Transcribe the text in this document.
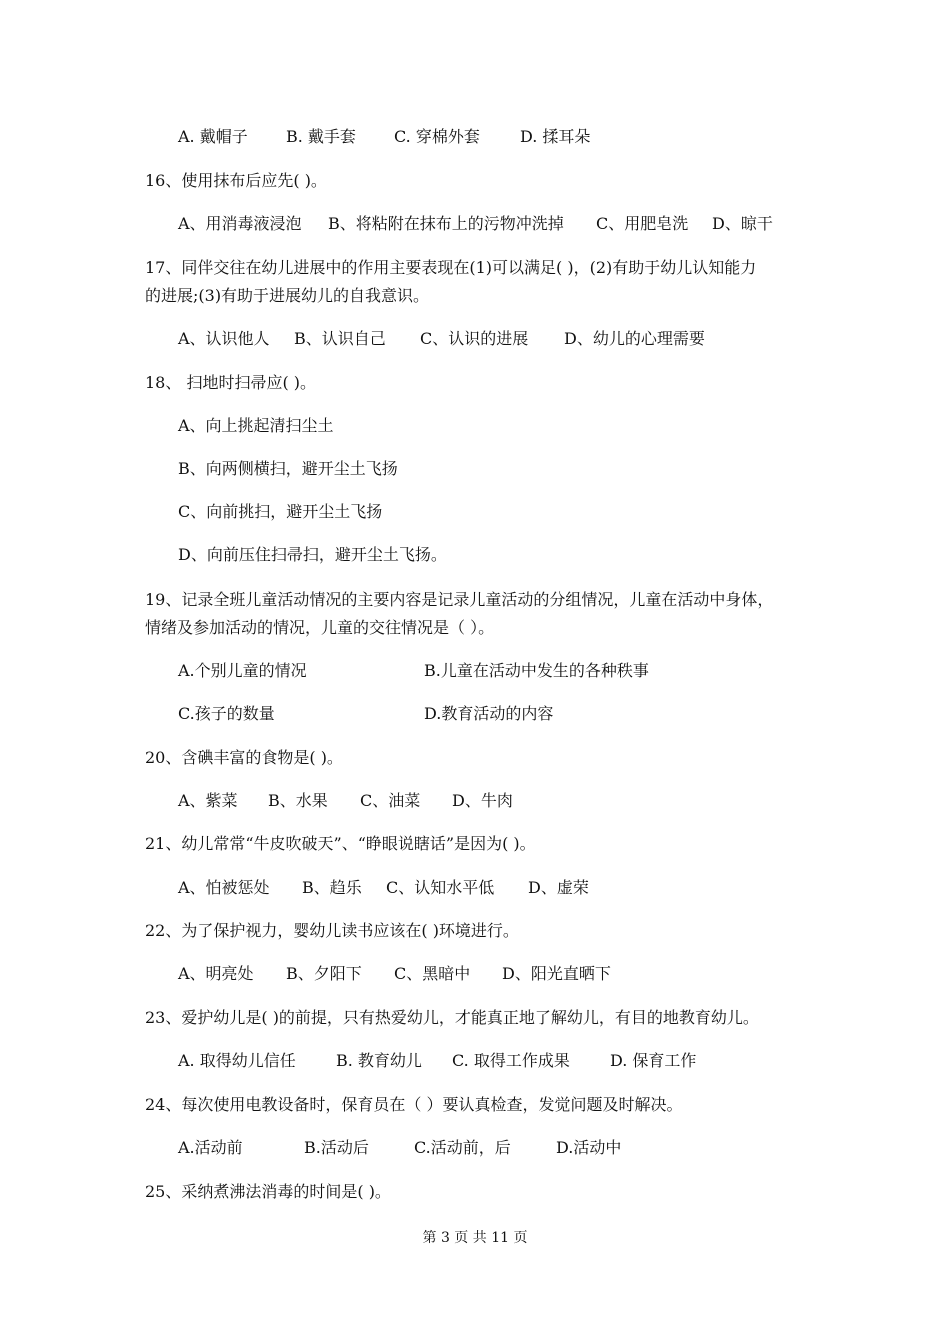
A. 戴帽子 B. 戴手套 C. 穿棉外套	D. 揉耳朵
16、使用抹布后应先( )。
A、用消毒液浸泡 B、将粘附在抹布上的污物冲洗掉 C、用肥皂洗 D、晾干
17、同伴交往在幼儿进展中的作用主要表现在(1)可以满足( )，(2)有助于幼儿认知能力
的进展;(3)有助于进展幼儿的自我意识。
A、认识他人 B、认识自己 C、认识的进展 D、幼儿的心理需要
18、 扫地时扫帚应( )。
A、向上挑起清扫尘土
B、向两侧横扫，避开尘土飞扬
C、向前挑扫，避开尘土飞扬
D、向前压住扫帚扫，避开尘土飞扬。
19、记录全班儿童活动情况的主要内容是记录儿童活动的分组情况，儿童在活动中身体，
情绪及参加活动的情况，儿童的交往情况是（ ）。
A.个别儿童的情况	B.儿童在活动中发生的各种秩事
C.孩子的数量	D.教育活动的内容
20、含碘丰富的食物是( )。
A、紫菜 B、水果 C、油菜 D、牛肉
21、幼儿常常“牛皮吹破天”、“睁眼说瞎话”是因为( )。
A、怕被惩处 B、趋乐 C、认知水平低 D、虚荣
22、为了保护视力，婴幼儿读书应该在( )环境进行。
A、明亮处 B、夕阳下 C、黑暗中 D、阳光直晒下
23、爱护幼儿是( )的前提，只有热爱幼儿，才能真正地了解幼儿，有目的地教育幼儿。
A. 取得幼儿信任	B. 教育幼儿 C. 取得工作成果	D. 保育工作
24、每次使用电教设备时，保育员在（ ）要认真检查，发觉问题及时解决。
A.活动前	B.活动后	C.活动前，后	D.活动中
25、采纳煮沸法消毒的时间是( )。
第 3 页 共 11 页
